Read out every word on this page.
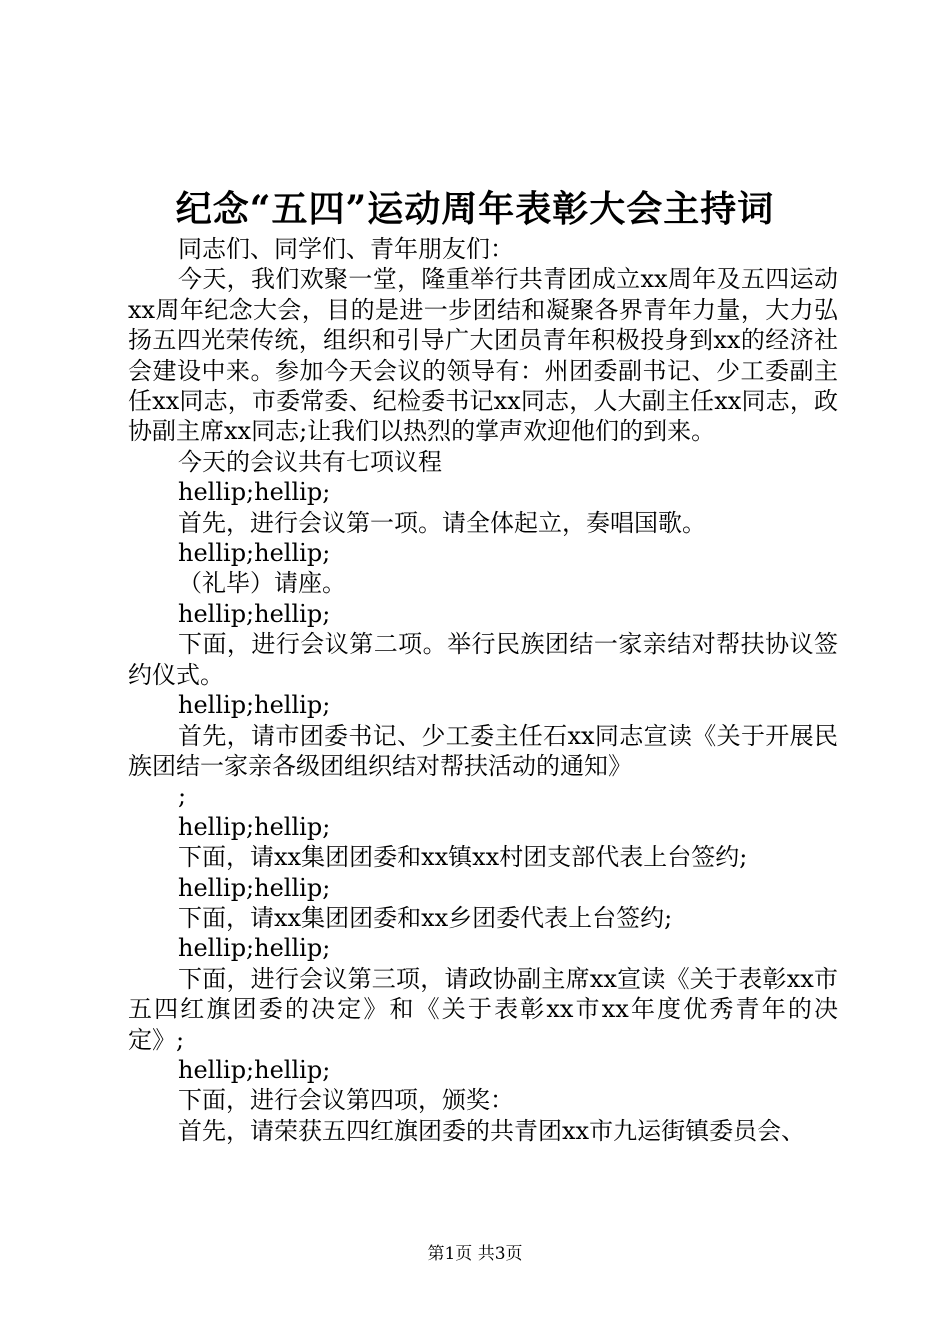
纪念“五四”运动周年表彰大会主持词

同志们、同学们、青年朋友们：

今天，我们欢聚一堂，隆重举行共青团成立xx周年及五四运动xx周年纪念大会，目的是进一步团结和凝聚各界青年力量，大力弘扬五四光荣传统，组织和引导广大团员青年积极投身到xx的经济社会建设中来。参加今天会议的领导有：州团委副书记、少工委副主任xx同志，市委常委、纪检委书记xx同志，人大副主任xx同志，政协副主席xx同志;让我们以热烈的掌声欢迎他们的到来。

今天的会议共有七项议程

hellip;hellip;

首先，进行会议第一项。请全体起立，奏唱国歌。

hellip;hellip;

（礼毕）请座。

hellip;hellip;

下面，进行会议第二项。举行民族团结一家亲结对帮扶协议签约仪式。

hellip;hellip;

首先，请市团委书记、少工委主任石xx同志宣读《关于开展民族团结一家亲各级团组织结对帮扶活动的通知》

;

hellip;hellip;

下面，请xx集团团委和xx镇xx村团支部代表上台签约;

hellip;hellip;

下面，请xx集团团委和xx乡团委代表上台签约;

hellip;hellip;

下面，进行会议第三项，请政协副主席xx宣读《关于表彰xx市五四红旗团委的决定》和《关于表彰xx市xx年度优秀青年的决定》;

hellip;hellip;

下面，进行会议第四项，颁奖：

首先，请荣获五四红旗团委的共青团xx市九运街镇委员会、

第1页 共3页
